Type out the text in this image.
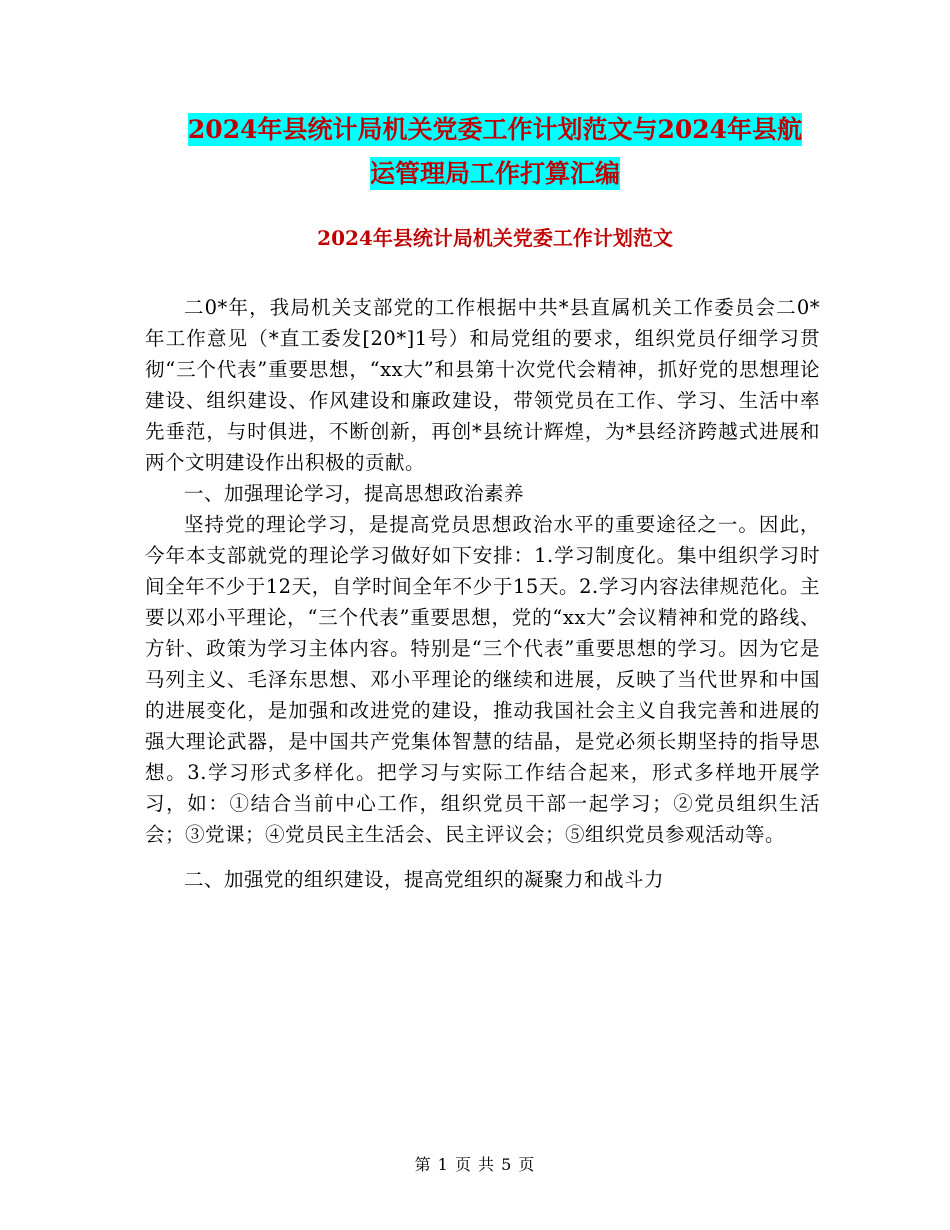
2024年县统计局机关党委工作计划范文与2024年县航
运管理局工作打算汇编
2024年县统计局机关党委工作计划范文

二0*年，我局机关支部党的工作根据中共*县直属机关工作委员会二0*年工作意见（*直工委发[20*]1号）和局党组的要求，组织党员仔细学习贯彻“三个代表”重要思想，“xx大”和县第十次党代会精神，抓好党的思想理论建设、组织建设、作风建设和廉政建设，带领党员在工作、学习、生活中率先垂范，与时俱进，不断创新，再创*县统计辉煌，为*县经济跨越式进展和两个文明建设作出积极的贡献。

一、加强理论学习，提高思想政治素养

坚持党的理论学习，是提高党员思想政治水平的重要途径之一。因此，今年本支部就党的理论学习做好如下安排：1.学习制度化。集中组织学习时间全年不少于12天，自学时间全年不少于15天。2.学习内容法律规范化。主要以邓小平理论，“三个代表”重要思想，党的“xx大”会议精神和党的路线、方针、政策为学习主体内容。特别是“三个代表”重要思想的学习。因为它是马列主义、毛泽东思想、邓小平理论的继续和进展，反映了当代世界和中国的进展变化，是加强和改进党的建设，推动我国社会主义自我完善和进展的强大理论武器，是中国共产党集体智慧的结晶，是党必须长期坚持的指导思想。3.学习形式多样化。把学习与实际工作结合起来，形式多样地开展学习，如：①结合当前中心工作，组织党员干部一起学习；②党员组织生活会；③党课；④党员民主生活会、民主评议会；⑤组织党员参观活动等。

二、加强党的组织建设，提高党组织的凝聚力和战斗力

第 1 页 共 5 页
